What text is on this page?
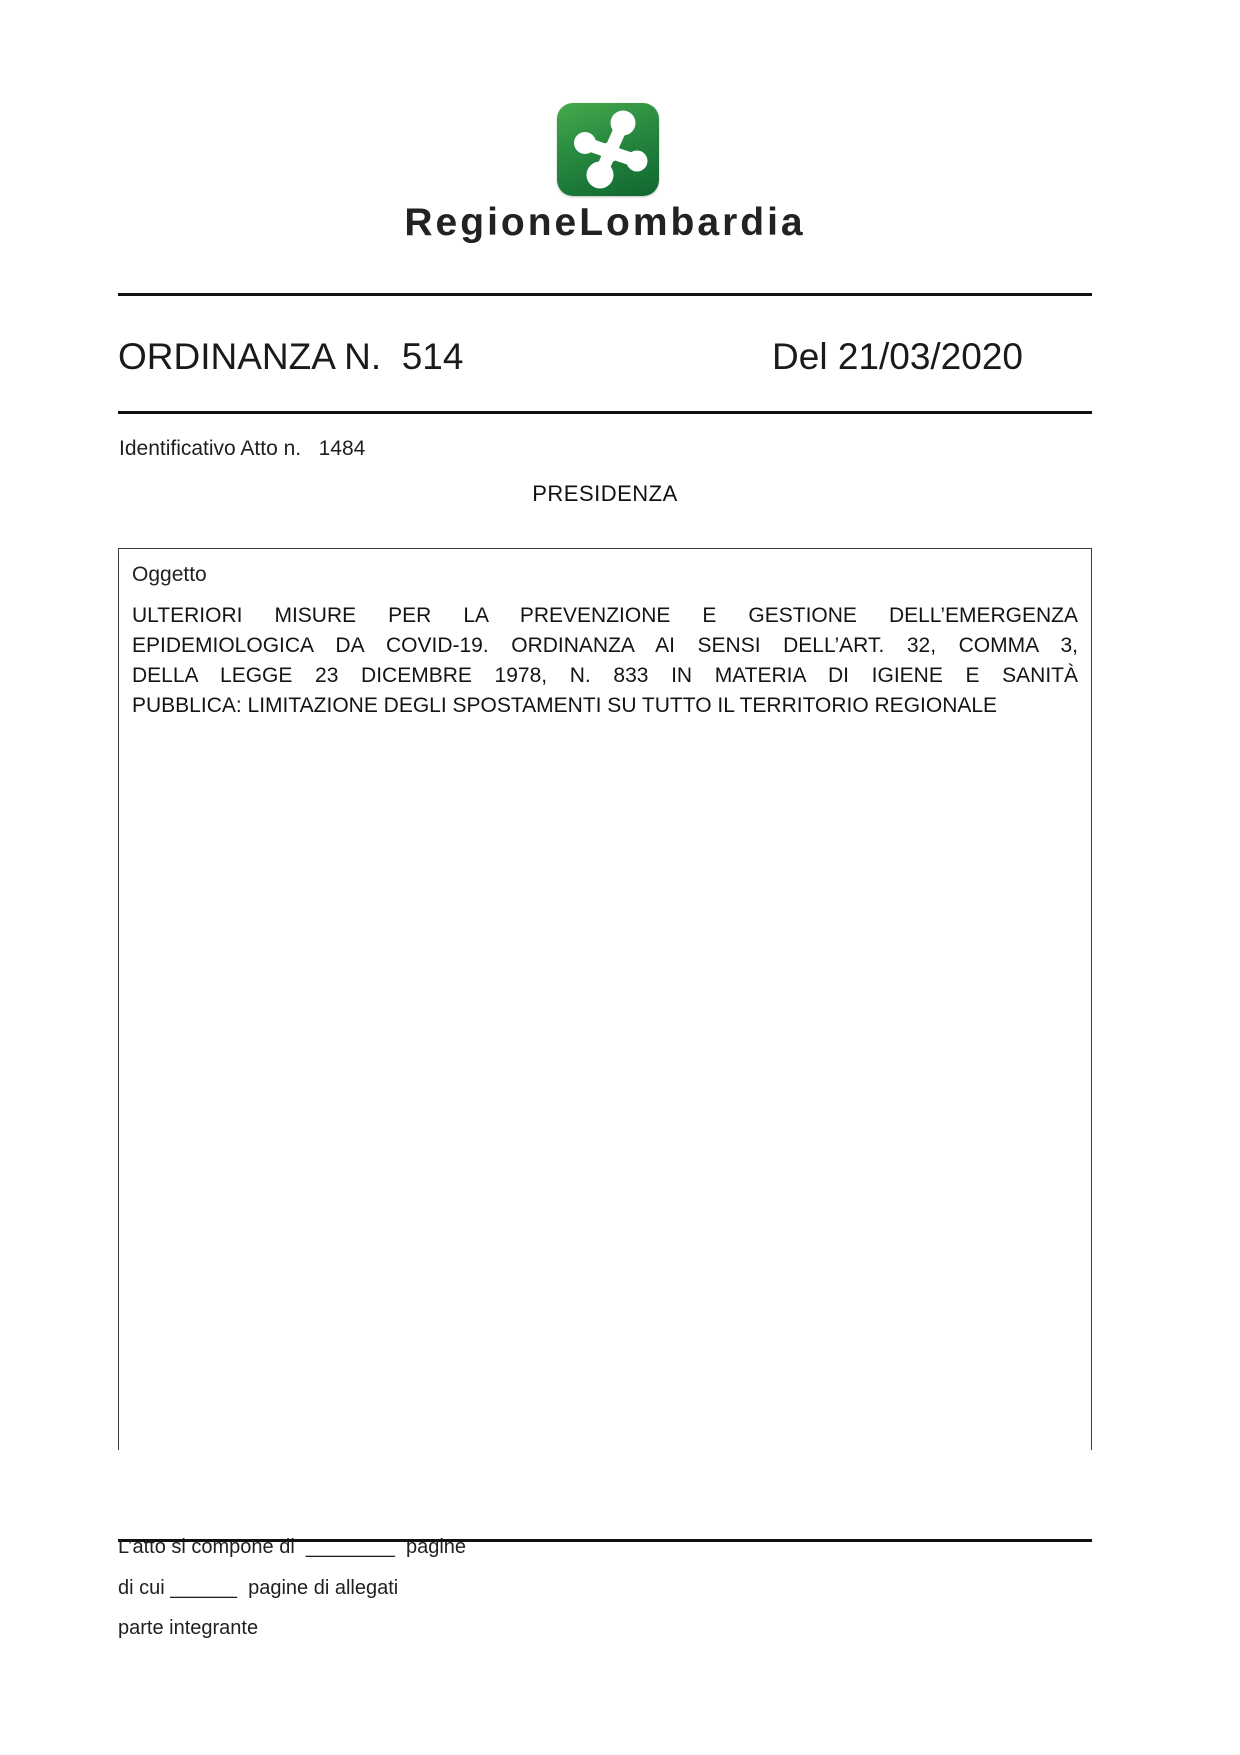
RegioneLombardia
ORDINANZA N.  514	Del 21/03/2020
Identificativo Atto n.   1484
PRESIDENZA
Oggetto
ULTERIORI MISURE PER LA PREVENZIONE E GESTIONE DELL’EMERGENZA
EPIDEMIOLOGICA DA COVID-19. ORDINANZA AI SENSI DELL’ART. 32, COMMA 3,
DELLA LEGGE 23 DICEMBRE 1978, N. 833 IN MATERIA DI IGIENE E SANITÀ
PUBBLICA: LIMITAZIONE DEGLI SPOSTAMENTI SU TUTTO IL TERRITORIO REGIONALE
L’atto si compone di  ________  pagine
di cui ______  pagine di allegati
parte integrante
